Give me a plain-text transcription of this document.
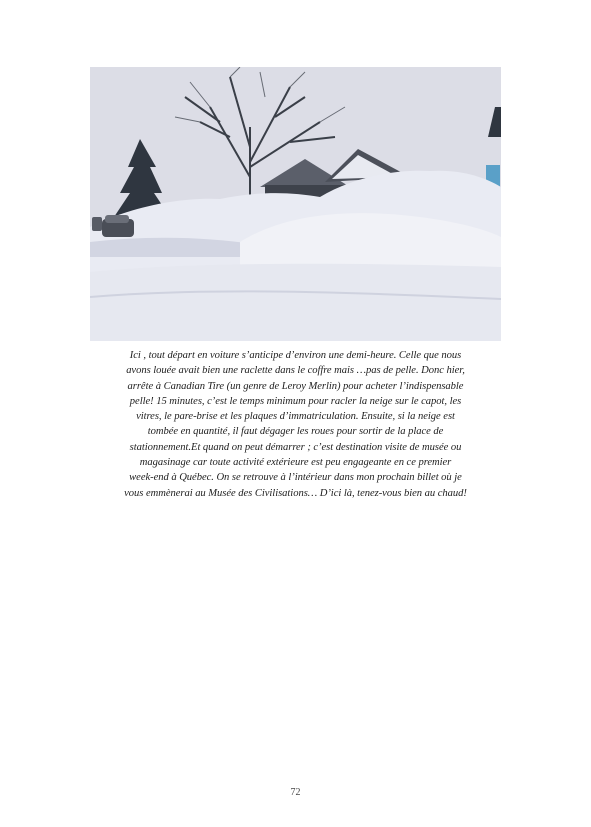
Ici , tout départ en voiture s’anticipe d’environ une demi-heure. Celle que nous
avons louée avait bien une raclette dans le coffre mais …pas de pelle. Donc hier,
arrête à Canadian Tire (un genre de Leroy Merlin) pour acheter l’indispensable
pelle! 15 minutes, c’est le temps minimum pour racler la neige sur le capot, les
vitres, le pare-brise et les plaques d’immatriculation. Ensuite, si la neige est
tombée en quantité, il faut dégager les roues pour sortir de la place de
stationnement.Et quand on peut démarrer ; c’est destination visite de musée ou
magasinage car toute activité extérieure est peu engageante en ce premier
week-end à Québec. On se retrouve à l’intérieur dans mon prochain billet où je
vous emmènerai au Musée des Civilisations… D’ici là, tenez-vous bien au chaud!
72
